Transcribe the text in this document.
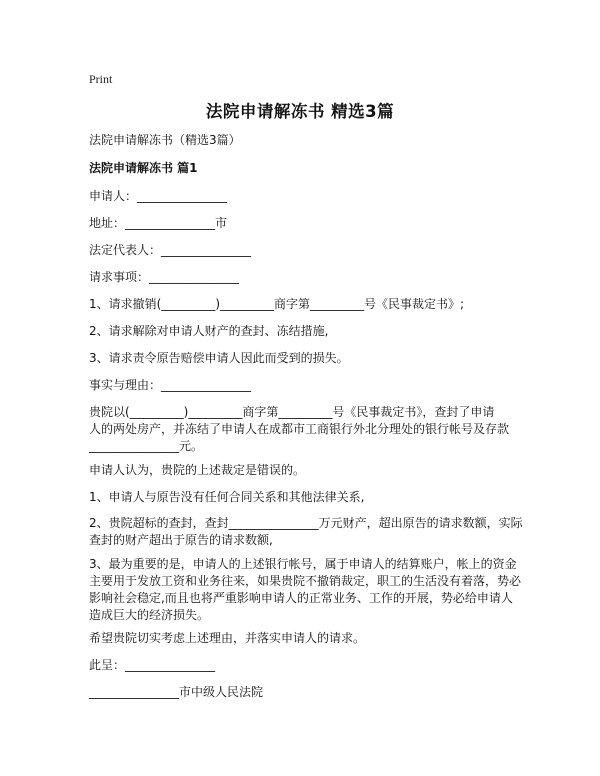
Print
法院申请解冻书 精选3篇
法院申请解冻书（精选3篇）
法院申请解冻书 篇1
申请人：_______________
地址：_______________市
法定代表人：_______________
请求事项：_______________
1、请求撤销(_________)_________商字第_________号《民事裁定书》;
2、请求解除对申请人财产的查封、冻结措施,
3、请求责令原告赔偿申请人因此而受到的损失。
事实与理由：_______________
贵院以(_________)_________商字第_________号《民事裁定书》，查封了申请
人的两处房产，并冻结了申请人在成都市工商银行外北分理处的银行帐号及存款
_______________元。
申请人认为，贵院的上述裁定是错误的。
1、申请人与原告没有任何合同关系和其他法律关系,
2、贵院超标的查封，查封_______________万元财产，超出原告的请求数额，实际
查封的财产超出于原告的请求数额,
3、最为重要的是，申请人的上述银行帐号，属于申请人的结算账户，帐上的资金
主要用于发放工资和业务往来，如果贵院不撤销裁定，职工的生活没有着落，势必
影响社会稳定,而且也将严重影响申请人的正常业务、工作的开展，势必给申请人
造成巨大的经济损失。
希望贵院切实考虑上述理由，并落实申请人的请求。
此呈：_______________
_______________市中级人民法院
